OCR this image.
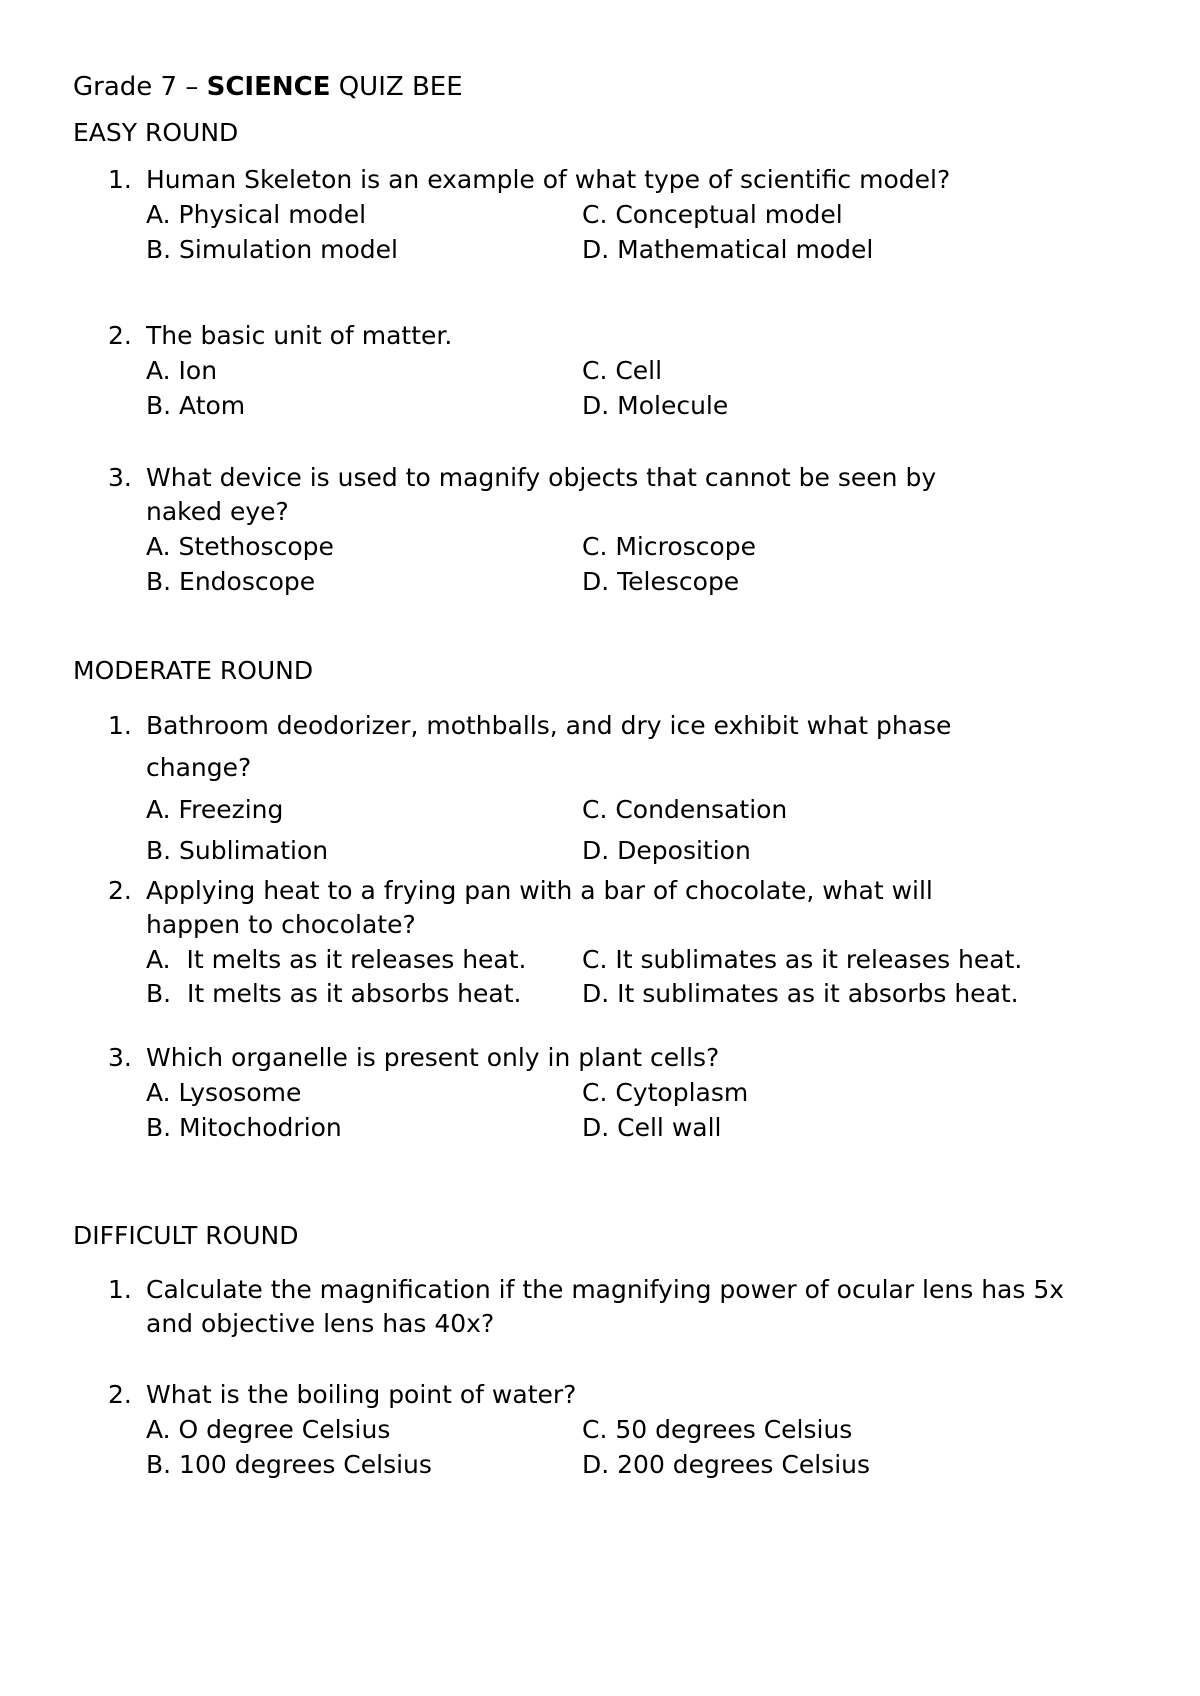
Grade 7 – SCIENCE QUIZ BEE
EASY ROUND
1. Human Skeleton is an example of what type of scientific model?
A. Physical model	C. Conceptual model
B. Simulation model	D. Mathematical model
2. The basic unit of matter.
A. Ion	C. Cell
B. Atom	D. Molecule
3. What device is used to magnify objects that cannot be seen by
naked eye?
A. Stethoscope	C. Microscope
B. Endoscope	D. Telescope
MODERATE ROUND
1. Bathroom deodorizer, mothballs, and dry ice exhibit what phase
change?
A. Freezing	C. Condensation
B. Sublimation	D. Deposition
2. Applying heat to a frying pan with a bar of chocolate, what will
happen to chocolate?
A.  It melts as it releases heat. C. It sublimates as it releases heat.
B.  It melts as it absorbs heat. D. It sublimates as it absorbs heat.
3. Which organelle is present only in plant cells?
A. Lysosome	C. Cytoplasm
B. Mitochodrion	D. Cell wall
DIFFICULT ROUND
1. Calculate the magnification if the magnifying power of ocular lens has 5x
and objective lens has 40x?
2. What is the boiling point of water?
A. O degree Celsius	C. 50 degrees Celsius
B. 100 degrees Celsius	D. 200 degrees Celsius
